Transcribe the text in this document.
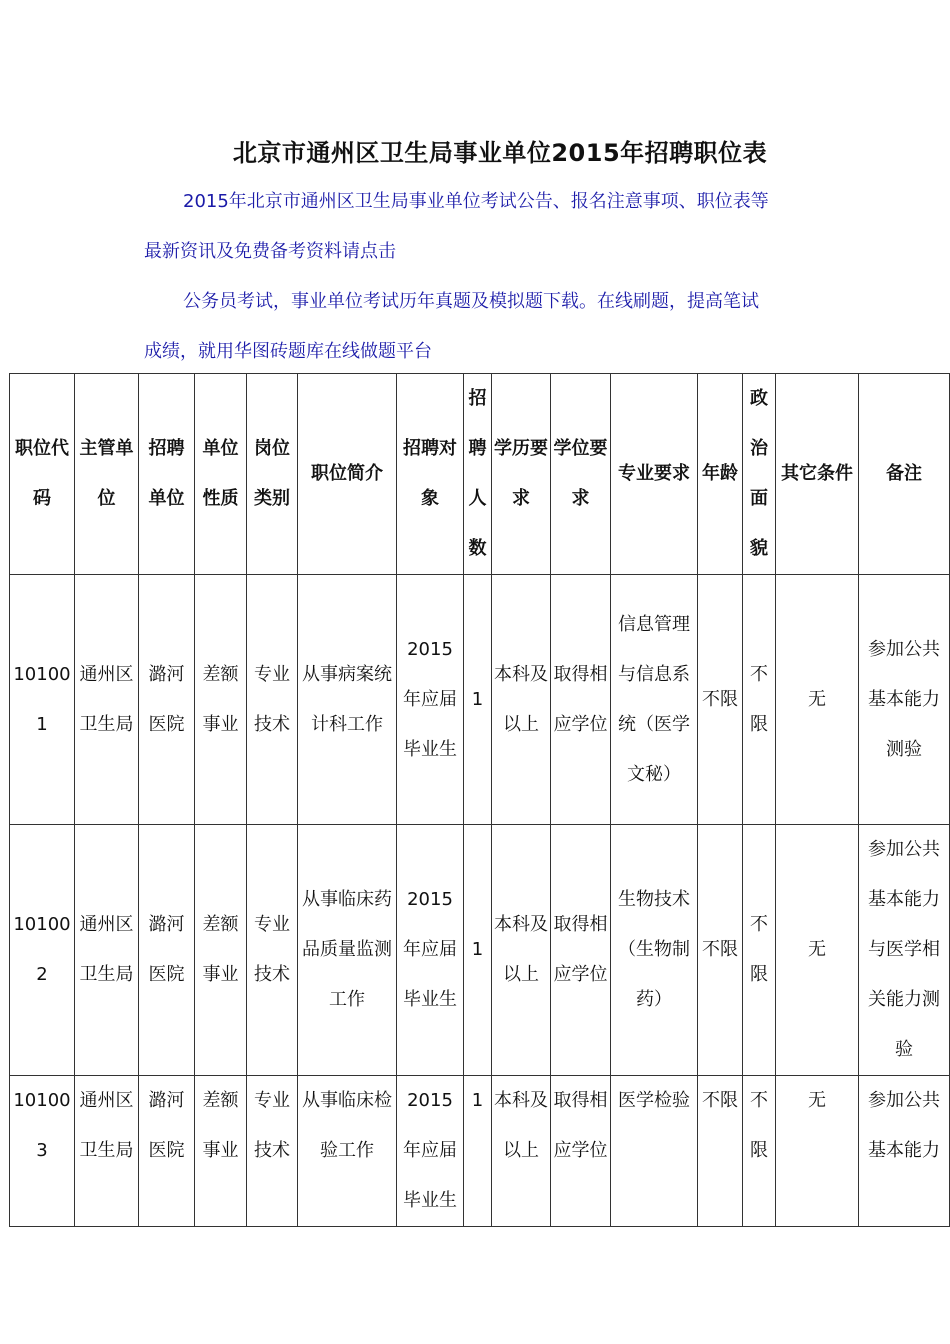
北京市通州区卫生局事业单位2015年招聘职位表
2015年北京市通州区卫生局事业单位考试公告、报名注意事项、职位表等
最新资讯及免费备考资料请点击
公务员考试，事业单位考试历年真题及模拟题下载。在线刷题，提高笔试
成绩，就用华图砖题库在线做题平台
职位代码	主管单位	招聘单位	单位性质	岗位类别	职位简介	招聘对象	招聘人数	学历要求	学位要求	专业要求	年龄	政治面貌	其它条件	备注
101001	通州区卫生局	潞河医院	差额事业	专业技术	从事病案统计科工作	2015年应届毕业生	1	本科及以上	取得相应学位	信息管理与信息系统（医学文秘）	不限	不限	无	参加公共基本能力测验
101002	通州区卫生局	潞河医院	差额事业	专业技术	从事临床药品质量监测工作	2015年应届毕业生	1	本科及以上	取得相应学位	生物技术（生物制药）	不限	不限	无	参加公共基本能力与医学相关能力测验
101003	通州区卫生局	潞河医院	差额事业	专业技术	从事临床检验工作	2015年应届毕业生	1	本科及以上	取得相应学位	医学检验	不限	不限	无	参加公共基本能力
